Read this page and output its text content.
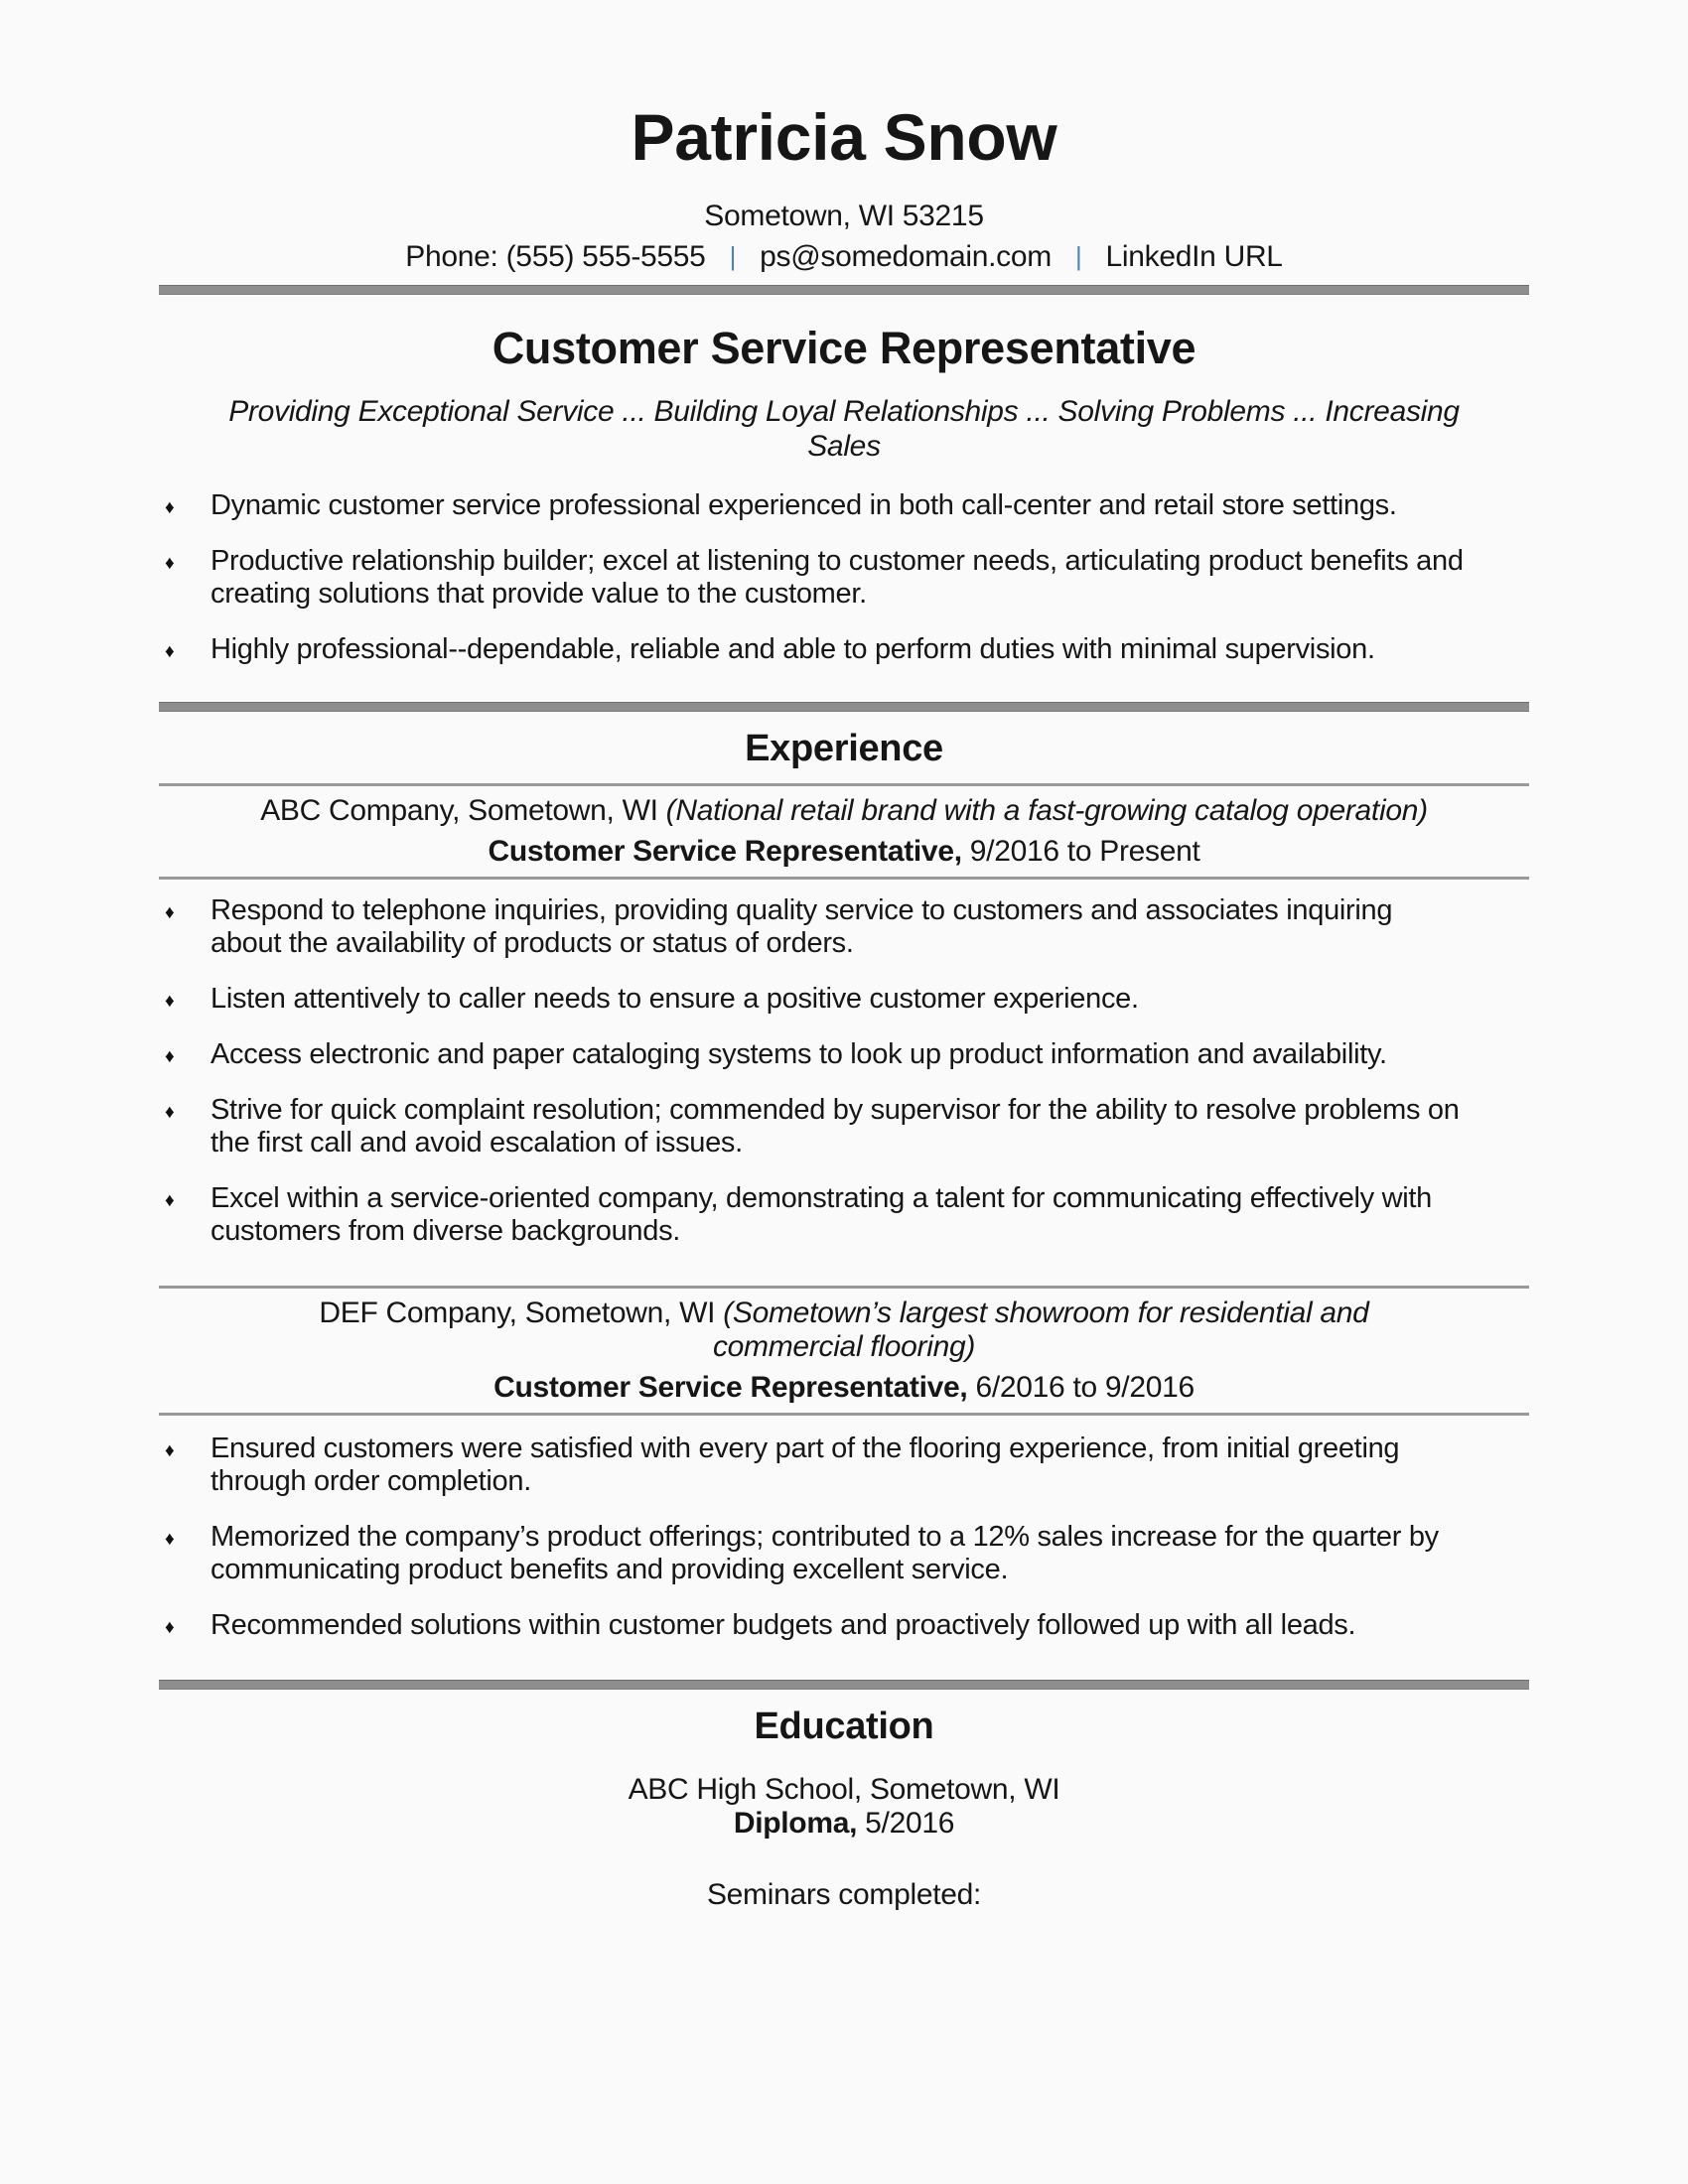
Patricia Snow
Sometown, WI 53215
Phone: (555) 555-5555 | ps@somedomain.com | LinkedIn URL
Customer Service Representative
Providing Exceptional Service ... Building Loyal Relationships ... Solving Problems ... Increasing Sales
♦ Dynamic customer service professional experienced in both call-center and retail store settings.
♦ Productive relationship builder; excel at listening to customer needs, articulating product benefits and creating solutions that provide value to the customer.
♦ Highly professional--dependable, reliable and able to perform duties with minimal supervision.
Experience
ABC Company, Sometown, WI (National retail brand with a fast-growing catalog operation)
Customer Service Representative, 9/2016 to Present
♦ Respond to telephone inquiries, providing quality service to customers and associates inquiring about the availability of products or status of orders.
♦ Listen attentively to caller needs to ensure a positive customer experience.
♦ Access electronic and paper cataloging systems to look up product information and availability.
♦ Strive for quick complaint resolution; commended by supervisor for the ability to resolve problems on the first call and avoid escalation of issues.
♦ Excel within a service-oriented company, demonstrating a talent for communicating effectively with customers from diverse backgrounds.
DEF Company, Sometown, WI (Sometown’s largest showroom for residential and commercial flooring)
Customer Service Representative, 6/2016 to 9/2016
♦ Ensured customers were satisfied with every part of the flooring experience, from initial greeting through order completion.
♦ Memorized the company’s product offerings; contributed to a 12% sales increase for the quarter by communicating product benefits and providing excellent service.
♦ Recommended solutions within customer budgets and proactively followed up with all leads.
Education
ABC High School, Sometown, WI
Diploma, 5/2016
Seminars completed:
